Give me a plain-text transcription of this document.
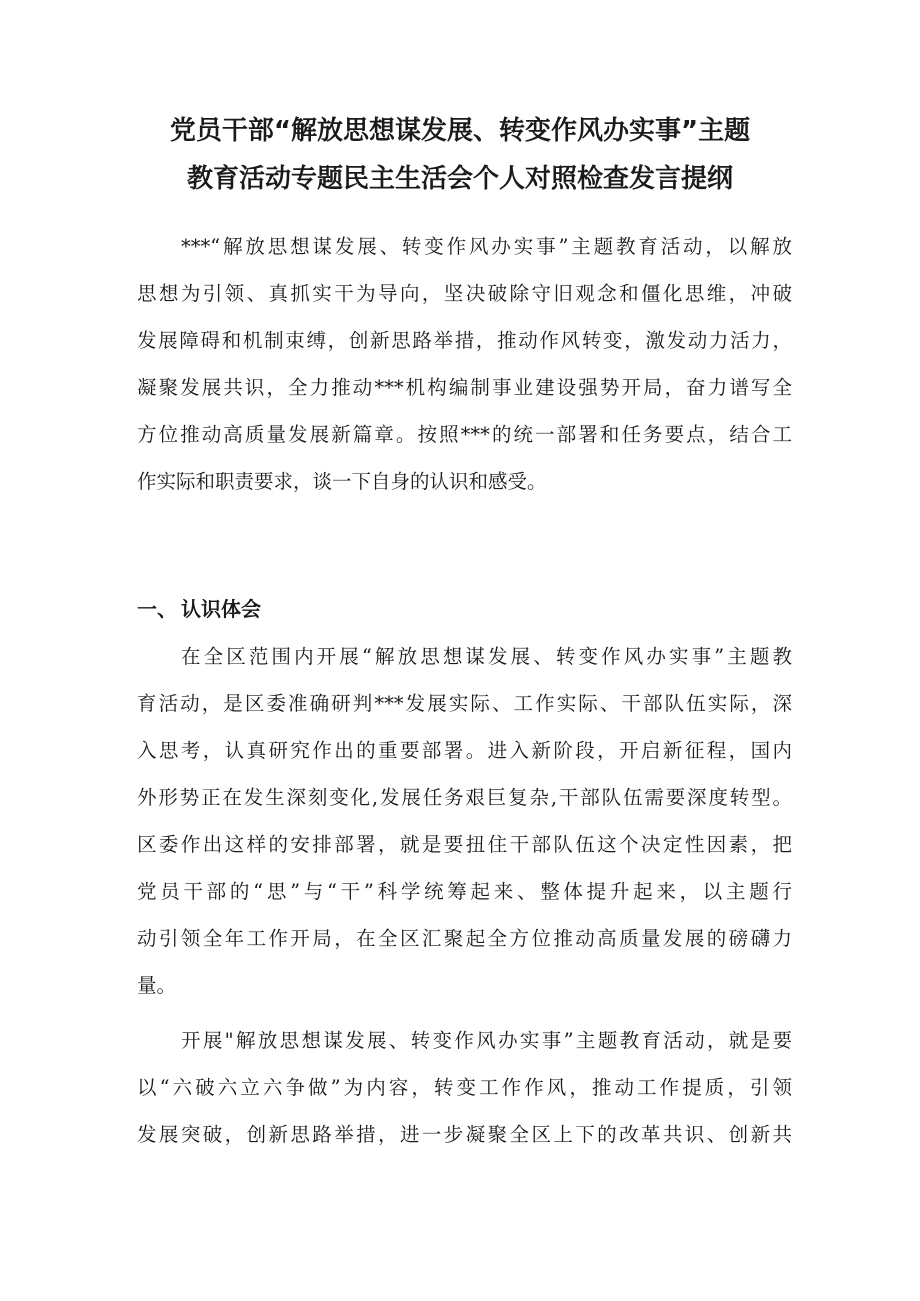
党员干部“解放思想谋发展、转变作风办实事”主题
教育活动专题民主生活会个人对照检查发言提纲

***“解放思想谋发展、转变作风办实事”主题教育活动，以解放
思想为引领、真抓实干为导向，坚决破除守旧观念和僵化思维，冲破
发展障碍和机制束缚，创新思路举措，推动作风转变，激发动力活力，
凝聚发展共识，全力推动***机构编制事业建设强势开局，奋力谱写全
方位推动高质量发展新篇章。按照***的统一部署和任务要点，结合工
作实际和职责要求，谈一下自身的认识和感受。

一、 认识体会

在全区范围内开展“解放思想谋发展、转变作风办实事”主题教
育活动，是区委准确研判***发展实际、工作实际、干部队伍实际，深
入思考，认真研究作出的重要部署。进入新阶段，开启新征程，国内
外形势正在发生深刻变化,发展任务艰巨复杂,干部队伍需要深度转型。
区委作出这样的安排部署，就是要扭住干部队伍这个决定性因素，把
党员干部的“思”与“干”科学统筹起来、整体提升起来，以主题行
动引领全年工作开局，在全区汇聚起全方位推动高质量发展的磅礴力
量。

开展"解放思想谋发展、转变作风办实事”主题教育活动，就是要
以“六破六立六争做”为内容，转变工作作风，推动工作提质，引领
发展突破，创新思路举措，进一步凝聚全区上下的改革共识、创新共
